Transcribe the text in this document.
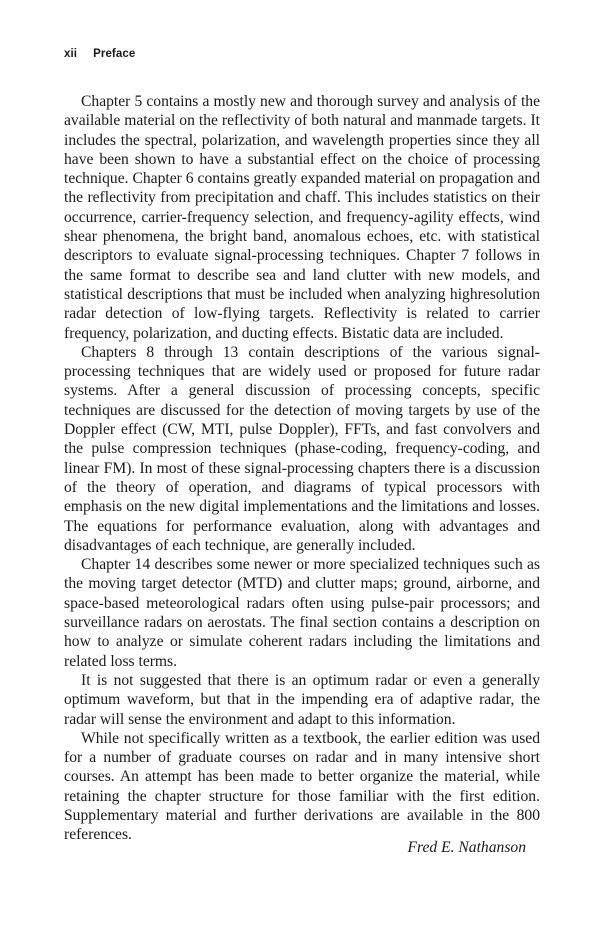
xii Preface

Chapter 5 contains a mostly new and thorough survey and analysis of the available material on the reflectivity of both natural and manmade targets. It includes the spectral, polarization, and wavelength properties since they all have been shown to have a substantial effect on the choice of processing technique. Chapter 6 contains greatly expanded material on propagation and the reflectivity from precipitation and chaff. This includes statistics on their occurrence, carrier-frequency selection, and frequency-agility effects, wind shear phenomena, the bright band, anomalous echoes, etc. with statistical descriptors to evaluate signal-processing techniques. Chapter 7 follows in the same format to describe sea and land clutter with new models, and statistical descriptions that must be included when analyzing highresolution radar detection of low-flying targets. Reflectivity is related to carrier frequency, polarization, and ducting effects. Bistatic data are included.

Chapters 8 through 13 contain descriptions of the various signalprocessing techniques that are widely used or proposed for future radar systems. After a general discussion of processing concepts, specific techniques are discussed for the detection of moving targets by use of the Doppler effect (CW, MTI, pulse Doppler), FFTs, and fast convolvers and the pulse compression techniques (phase-coding, frequency-coding, and linear FM). In most of these signal-processing chapters there is a discussion of the theory of operation, and diagrams of typical processors with emphasis on the new digital implementations and the limitations and losses. The equations for performance evaluation, along with advantages and disadvantages of each technique, are generally included.

Chapter 14 describes some newer or more specialized techniques such as the moving target detector (MTD) and clutter maps; ground, airborne, and space-based meteorological radars often using pulse-pair processors; and surveillance radars on aerostats. The final section contains a description on how to analyze or simulate coherent radars including the limitations and related loss terms.

It is not suggested that there is an optimum radar or even a generally optimum waveform, but that in the impending era of adaptive radar, the radar will sense the environment and adapt to this information.

While not specifically written as a textbook, the earlier edition was used for a number of graduate courses on radar and in many intensive short courses. An attempt has been made to better organize the material, while retaining the chapter structure for those familiar with the first edition. Supplementary material and further derivations are available in the 800 references.

Fred E. Nathanson
